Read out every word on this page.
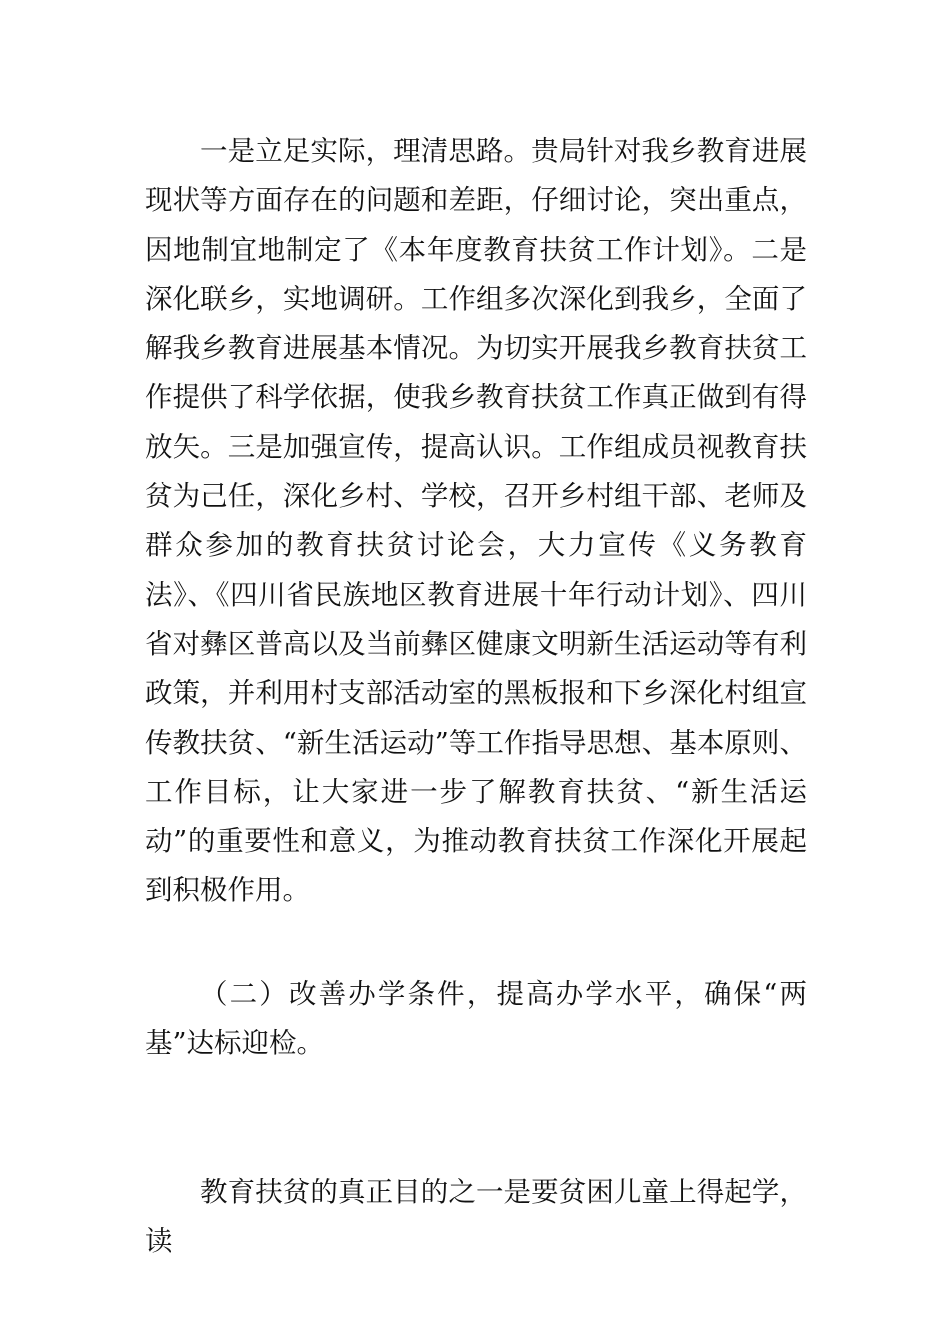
一是立足实际，理清思路。贵局针对我乡教育进展现状等方面存在的问题和差距，仔细讨论，突出重点，因地制宜地制定了《本年度教育扶贫工作计划》。二是深化联乡，实地调研。工作组多次深化到我乡，全面了解我乡教育进展基本情况。为切实开展我乡教育扶贫工作提供了科学依据，使我乡教育扶贫工作真正做到有得放矢。三是加强宣传，提高认识。工作组成员视教育扶贫为己任，深化乡村、学校，召开乡村组干部、老师及群众参加的教育扶贫讨论会，大力宣传《义务教育法》、《四川省民族地区教育进展十年行动计划》、四川省对彝区普高以及当前彝区健康文明新生活运动等有利政策，并利用村支部活动室的黑板报和下乡深化村组宣传教扶贫、“新生活运动”等工作指导思想、基本原则、工作目标，让大家进一步了解教育扶贫、“新生活运动”的重要性和意义，为推动教育扶贫工作深化开展起到积极作用。

（二）改善办学条件，提高办学水平，确保“两基”达标迎检。

教育扶贫的真正目的之一是要贫困儿童上得起学，读
